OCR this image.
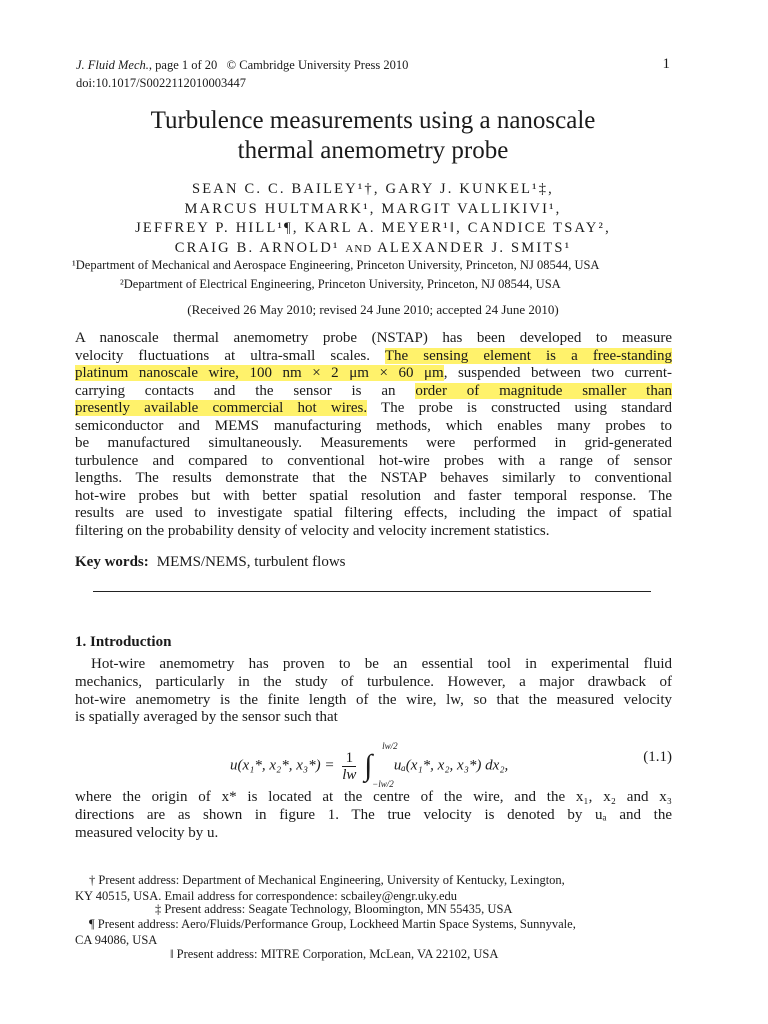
J. Fluid Mech., page 1 of 20 © Cambridge University Press 2010
doi:10.1017/S0022112010003447
1
Turbulence measurements using a nanoscale
thermal anemometry probe
SEAN C. C. BAILEY¹†, GARY J. KUNKEL¹‡,
MARCUS HULTMARK¹, MARGIT VALLIKIVI¹,
JEFFREY P. HILL¹¶, KARL A. MEYER¹‖, CANDICE TSAY²,
CRAIG B. ARNOLD¹ AND ALEXANDER J. SMITS¹
¹Department of Mechanical and Aerospace Engineering, Princeton University, Princeton, NJ 08544, USA
²Department of Electrical Engineering, Princeton University, Princeton, NJ 08544, USA
(Received 26 May 2010; revised 24 June 2010; accepted 24 June 2010)
A nanoscale thermal anemometry probe (NSTAP) has been developed to measure
velocity fluctuations at ultra-small scales. The sensing element is a free-standing
platinum nanoscale wire, 100 nm × 2 μm × 60 μm, suspended between two current-
carrying contacts and the sensor is an order of magnitude smaller than
presently available commercial hot wires. The probe is constructed using standard
semiconductor and MEMS manufacturing methods, which enables many probes to
be manufactured simultaneously. Measurements were performed in grid-generated
turbulence and compared to conventional hot-wire probes with a range of sensor
lengths. The results demonstrate that the NSTAP behaves similarly to conventional
hot-wire probes but with better spatial resolution and faster temporal response. The
results are used to investigate spatial filtering effects, including the impact of spatial
filtering on the probability density of velocity and velocity increment statistics.
Key words: MEMS/NEMS, turbulent flows
1. Introduction
Hot-wire anemometry has proven to be an essential tool in experimental fluid
mechanics, particularly in the study of turbulence. However, a major drawback of
hot-wire anemometry is the finite length of the wire, lw, so that the measured velocity
is spatially averaged by the sensor such that
u(x₁*, x₂*, $x_3*) = \frac{1}{lw}$ ∫
lw/2
−lw/2
uₐ(x₁*, x₂, x₃*) dx₂,
(1.1)
where the origin of x* is located at the centre of the wire, and the x₁, x₂ and x₃
directions are as shown in figure 1. The true velocity is denoted by uₐ and the
measured velocity by u.
† Present address: Department of Mechanical Engineering, University of Kentucky, Lexington,
KY 40515, USA. Email address for correspondence: scbailey@engr.uky.edu
‡ Present address: Seagate Technology, Bloomington, MN 55435, USA
¶ Present address: Aero/Fluids/Performance Group, Lockheed Martin Space Systems, Sunnyvale,
CA 94086, USA
‖ Present address: MITRE Corporation, McLean, VA 22102, USA
